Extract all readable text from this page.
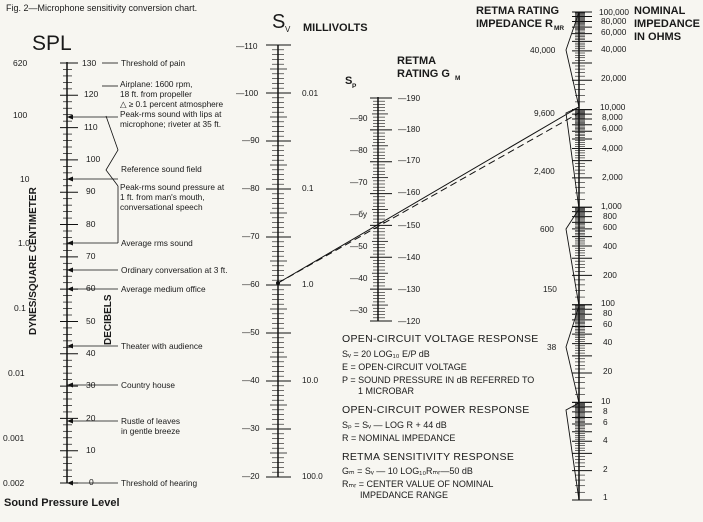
Fig. 2—Microphone sensitivity conversion chart.
SPL
DYNES/SQUARE CENTIMETER	DECIBELS
620
100
10
1.0
0.1
0.01
0.001
0.002
130
120
110
100
90
80
70
60
50
40
30
20
10
0
Threshold of pain
Airplane: 1600 rpm,
18 ft. from propeller
△ ≥ 0.1 percent atmosphere
Peak-rms sound with lips at
microphone; riveter at 35 ft.
Reference sound field
Peak-rms sound pressure at
1 ft. from man's mouth,
conversational speech
Average rms sound
Ordinary conversation at 3 ft.
Average medium office
Theater with audience
Country house
Rustle of leaves
in gentle breeze
Threshold of hearing
Sound Pressure Level
S V MILLIVOLTS
—110
—100
—90
—80
—70
—60
—50
—40
—30
—20
0.01
0.1
1.0
10.0
100.0
S P
RETMA
RATING G M
—90
—80
—70
—бу
—50
—40
—30
—190
—180
—170
—160
—150
—140
—130
—120
RETMA RATING
IMPEDANCE R MR
NOMINAL
IMPEDANCE
IN OHMS
40,000
9,600
2,400
600
150
38
100,000
80,000
60,000
40,000
20,000
10,000
8,000
6,000
4,000
2,000
1,000
800
600
400
200
100
80
60
40
20
10
8
6
4
2
1
OPEN-CIRCUIT VOLTAGE RESPONSE
Sᵥ = 20 LOG₁₀ E/P dB
E = OPEN-CIRCUIT VOLTAGE
P = SOUND PRESSURE IN dB REFERRED TO
1 MICROBAR
OPEN-CIRCUIT POWER RESPONSE
Sₚ = Sᵥ — LOG R + 44 dB
R = NOMINAL IMPEDANCE
RETMA SENSITIVITY RESPONSE
Gₘ = Sᵥ — 10 LOG₁₀Rₘᵣ—50 dB
Rₘᵣ = CENTER VALUE OF NOMINAL
IMPEDANCE RANGE
